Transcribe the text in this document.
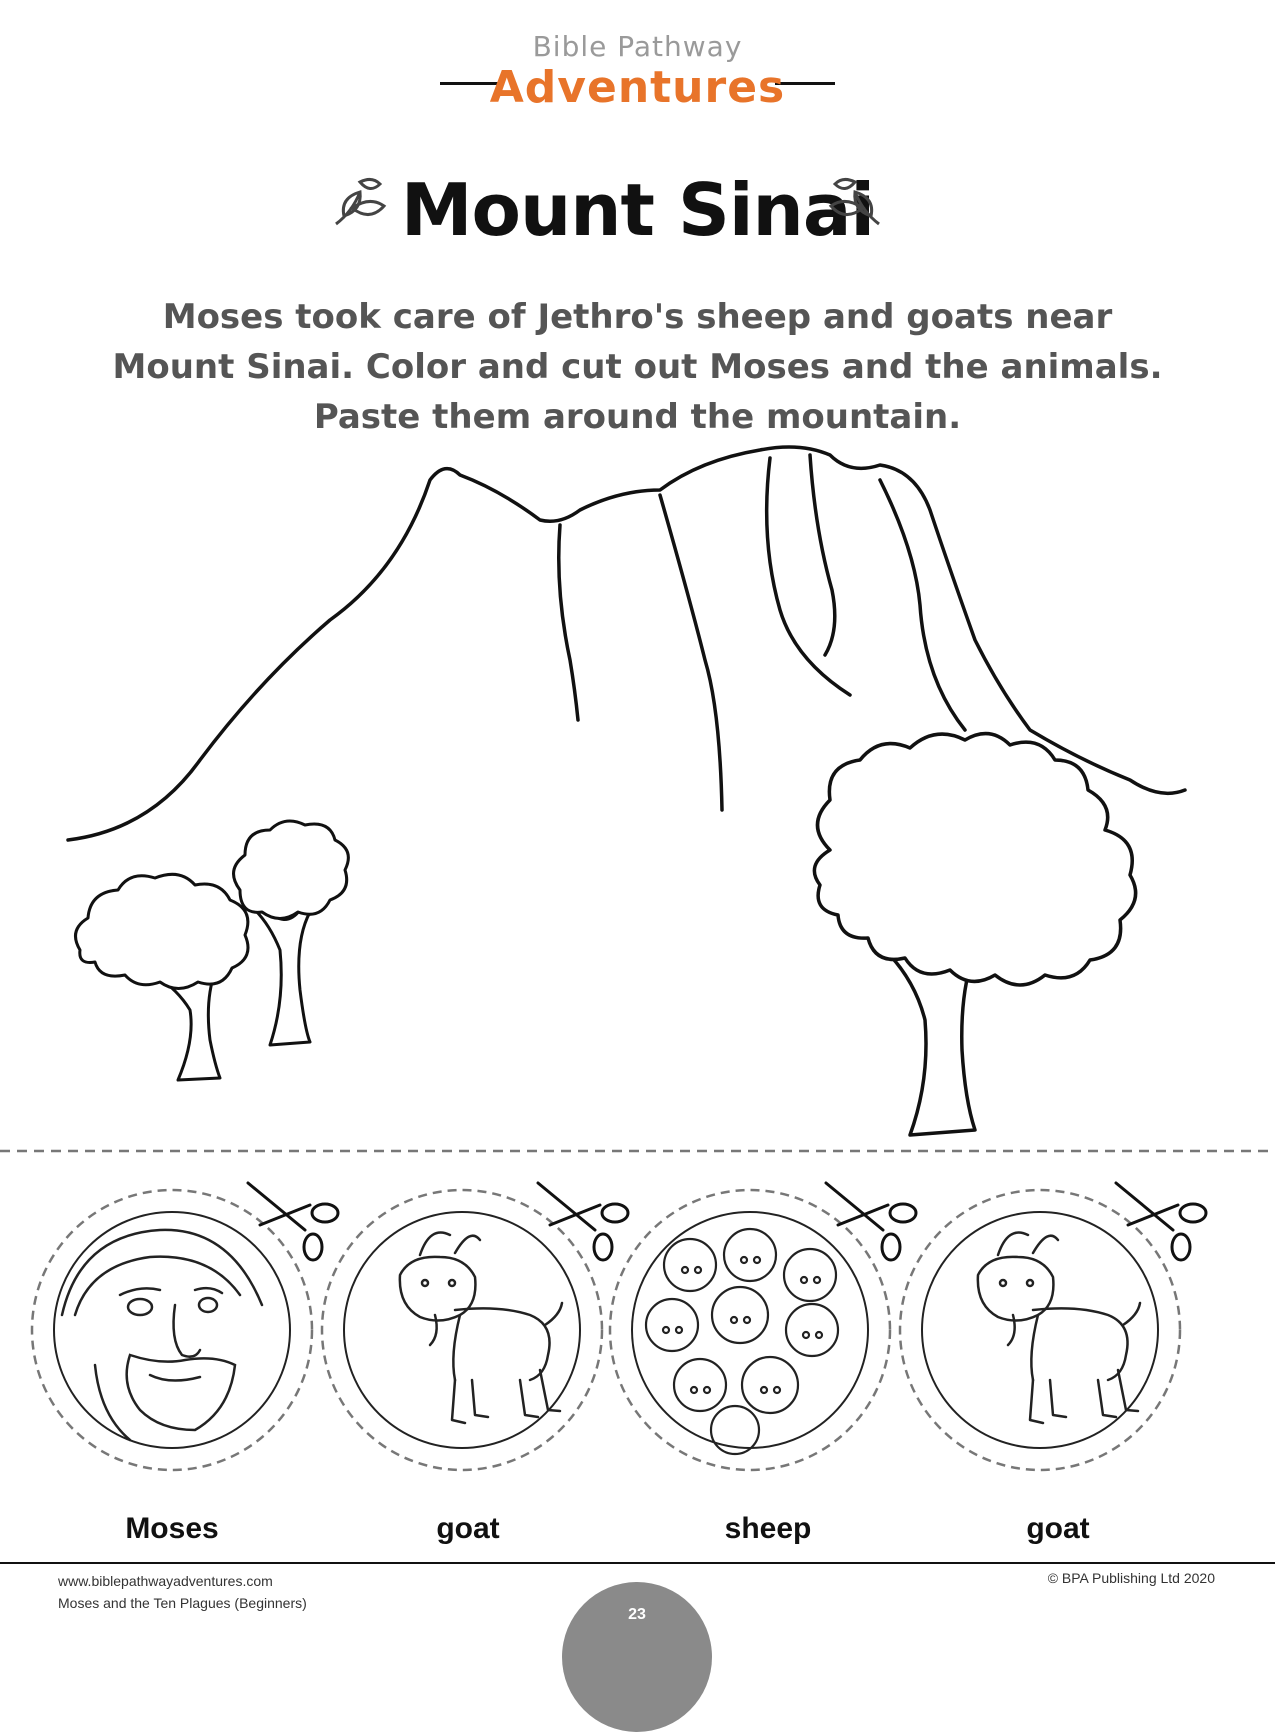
Bible Pathway
Adventures
Mount Sinai
Moses took care of Jethro's sheep and goats near
Mount Sinai. Color and cut out Moses and the animals.
Paste them around the mountain.
Moses	goat	sheep	goat
www.biblepathwayadventures.com
Moses and the Ten Plagues (Beginners)
© BPA Publishing Ltd 2020
23
